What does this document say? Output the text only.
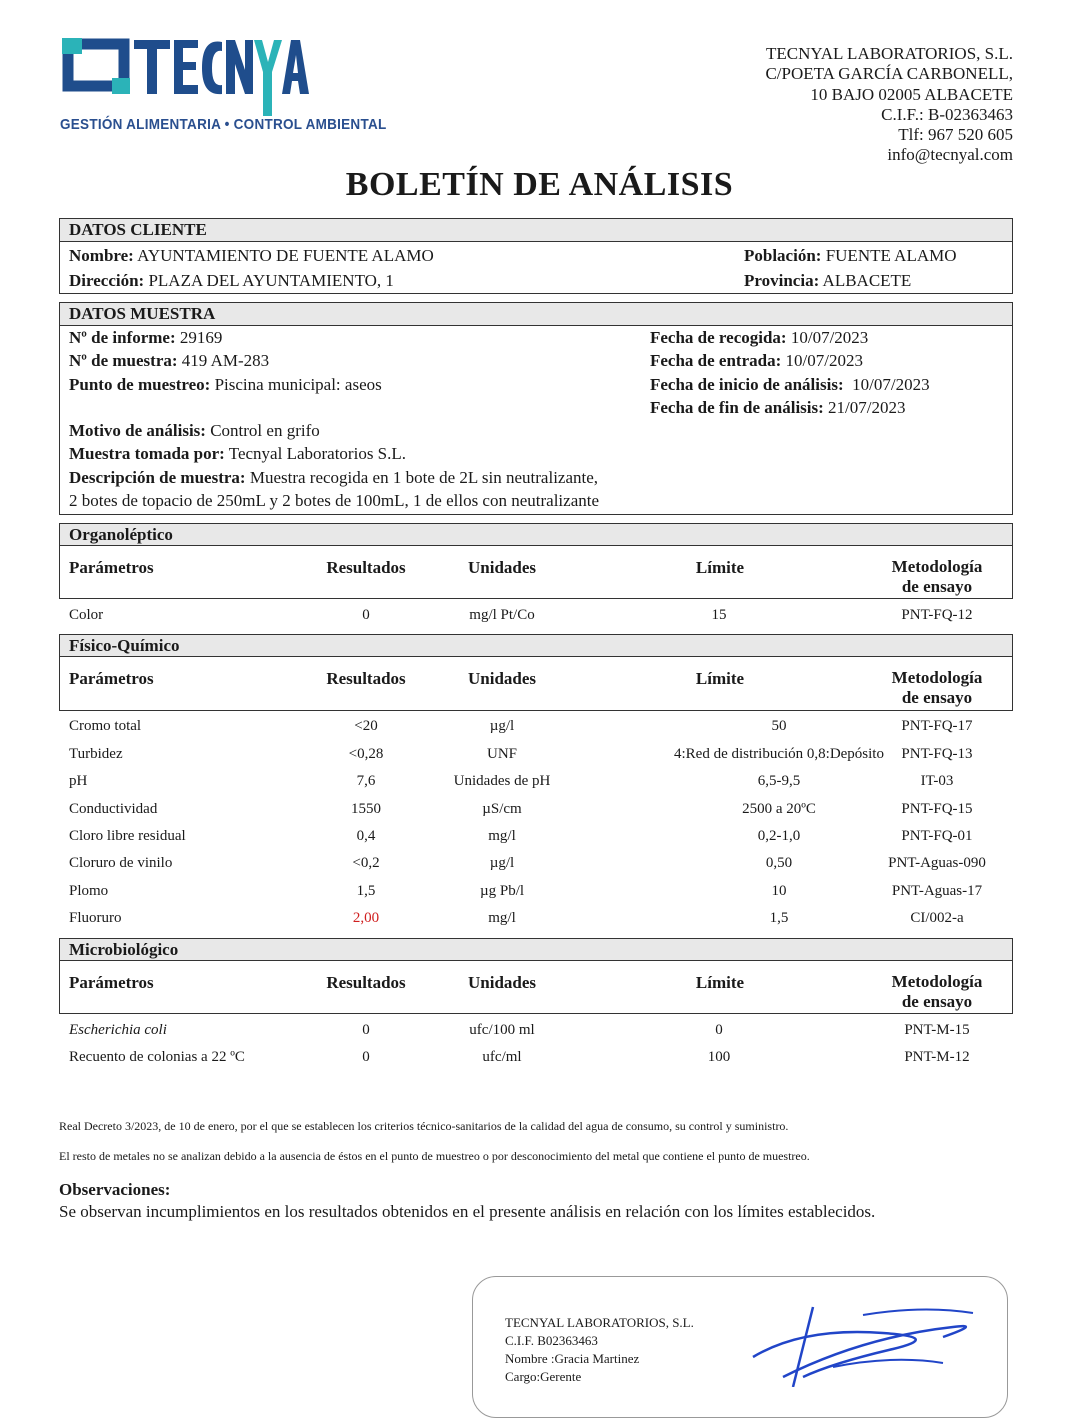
GESTIÓN ALIMENTARIA • CONTROL AMBIENTAL
TECNYAL LABORATORIOS, S.L.
C/POETA GARCÍA CARBONELL,
10 BAJO 02005 ALBACETE
C.I.F.: B-02363463
Tlf: 967 520 605
info@tecnyal.com
BOLETÍN DE ANÁLISIS
DATOS CLIENTE
Nombre: AYUNTAMIENTO DE FUENTE ALAMO
Dirección: PLAZA DEL AYUNTAMIENTO, 1
Población: FUENTE ALAMO
Provincia: ALBACETE
DATOS MUESTRA
Nº de informe: 29169
Nº de muestra: 419 AM-283
Punto de muestreo: Piscina municipal: aseos
Fecha de recogida: 10/07/2023
Fecha de entrada: 10/07/2023
Fecha de inicio de análisis: 10/07/2023
Fecha de fin de análisis: 21/07/2023
Motivo de análisis: Control en grifo
Muestra tomada por: Tecnyal Laboratorios S.L.
Descripción de muestra: Muestra recogida en 1 bote de 2L sin neutralizante,
2 botes de topacio de 250mL y 2 botes de 100mL, 1 de ellos con neutralizante
Organoléptico
Parámetros	Resultados	Unidades	Límite	Metodología
de ensayo
Color	0	mg/l Pt/Co	15	PNT-FQ-12
Físico-Químico
Parámetros	Resultados	Unidades	Límite	Metodología
de ensayo
Cromo total	<20	µg/l	50	PNT-FQ-17
Turbidez	<0,28	UNF	4:Red de distribución 0,8:Depósito	PNT-FQ-13
pH	7,6	Unidades de pH	6,5-9,5	IT-03
Conductividad	1550	µS/cm	2500 a 20ºC	PNT-FQ-15
Cloro libre residual	0,4	mg/l	0,2-1,0	PNT-FQ-01
Cloruro de vinilo	<0,2	µg/l	0,50	PNT-Aguas-090
Plomo	1,5	µg Pb/l	10	PNT-Aguas-17
Fluoruro	2,00	mg/l	1,5	CI/002-a
Microbiológico
Parámetros	Resultados	Unidades	Límite	Metodología
de ensayo
Escherichia coli	0	ufc/100 ml	0	PNT-M-15
Recuento de colonias a 22 ºC	0	ufc/ml	100	PNT-M-12
Real Decreto 3/2023, de 10 de enero, por el que se establecen los criterios técnico-sanitarios de la calidad del agua de consumo, su control y suministro.
El resto de metales no se analizan debido a la ausencia de éstos en el punto de muestreo o por desconocimiento del metal que contiene el punto de muestreo.
Observaciones:
Se observan incumplimientos en los resultados obtenidos en el presente análisis en relación con los límites establecidos.
TECNYAL LABORATORIOS, S.L.
C.I.F. B02363463
Nombre :Gracia Martinez
Cargo:Gerente
